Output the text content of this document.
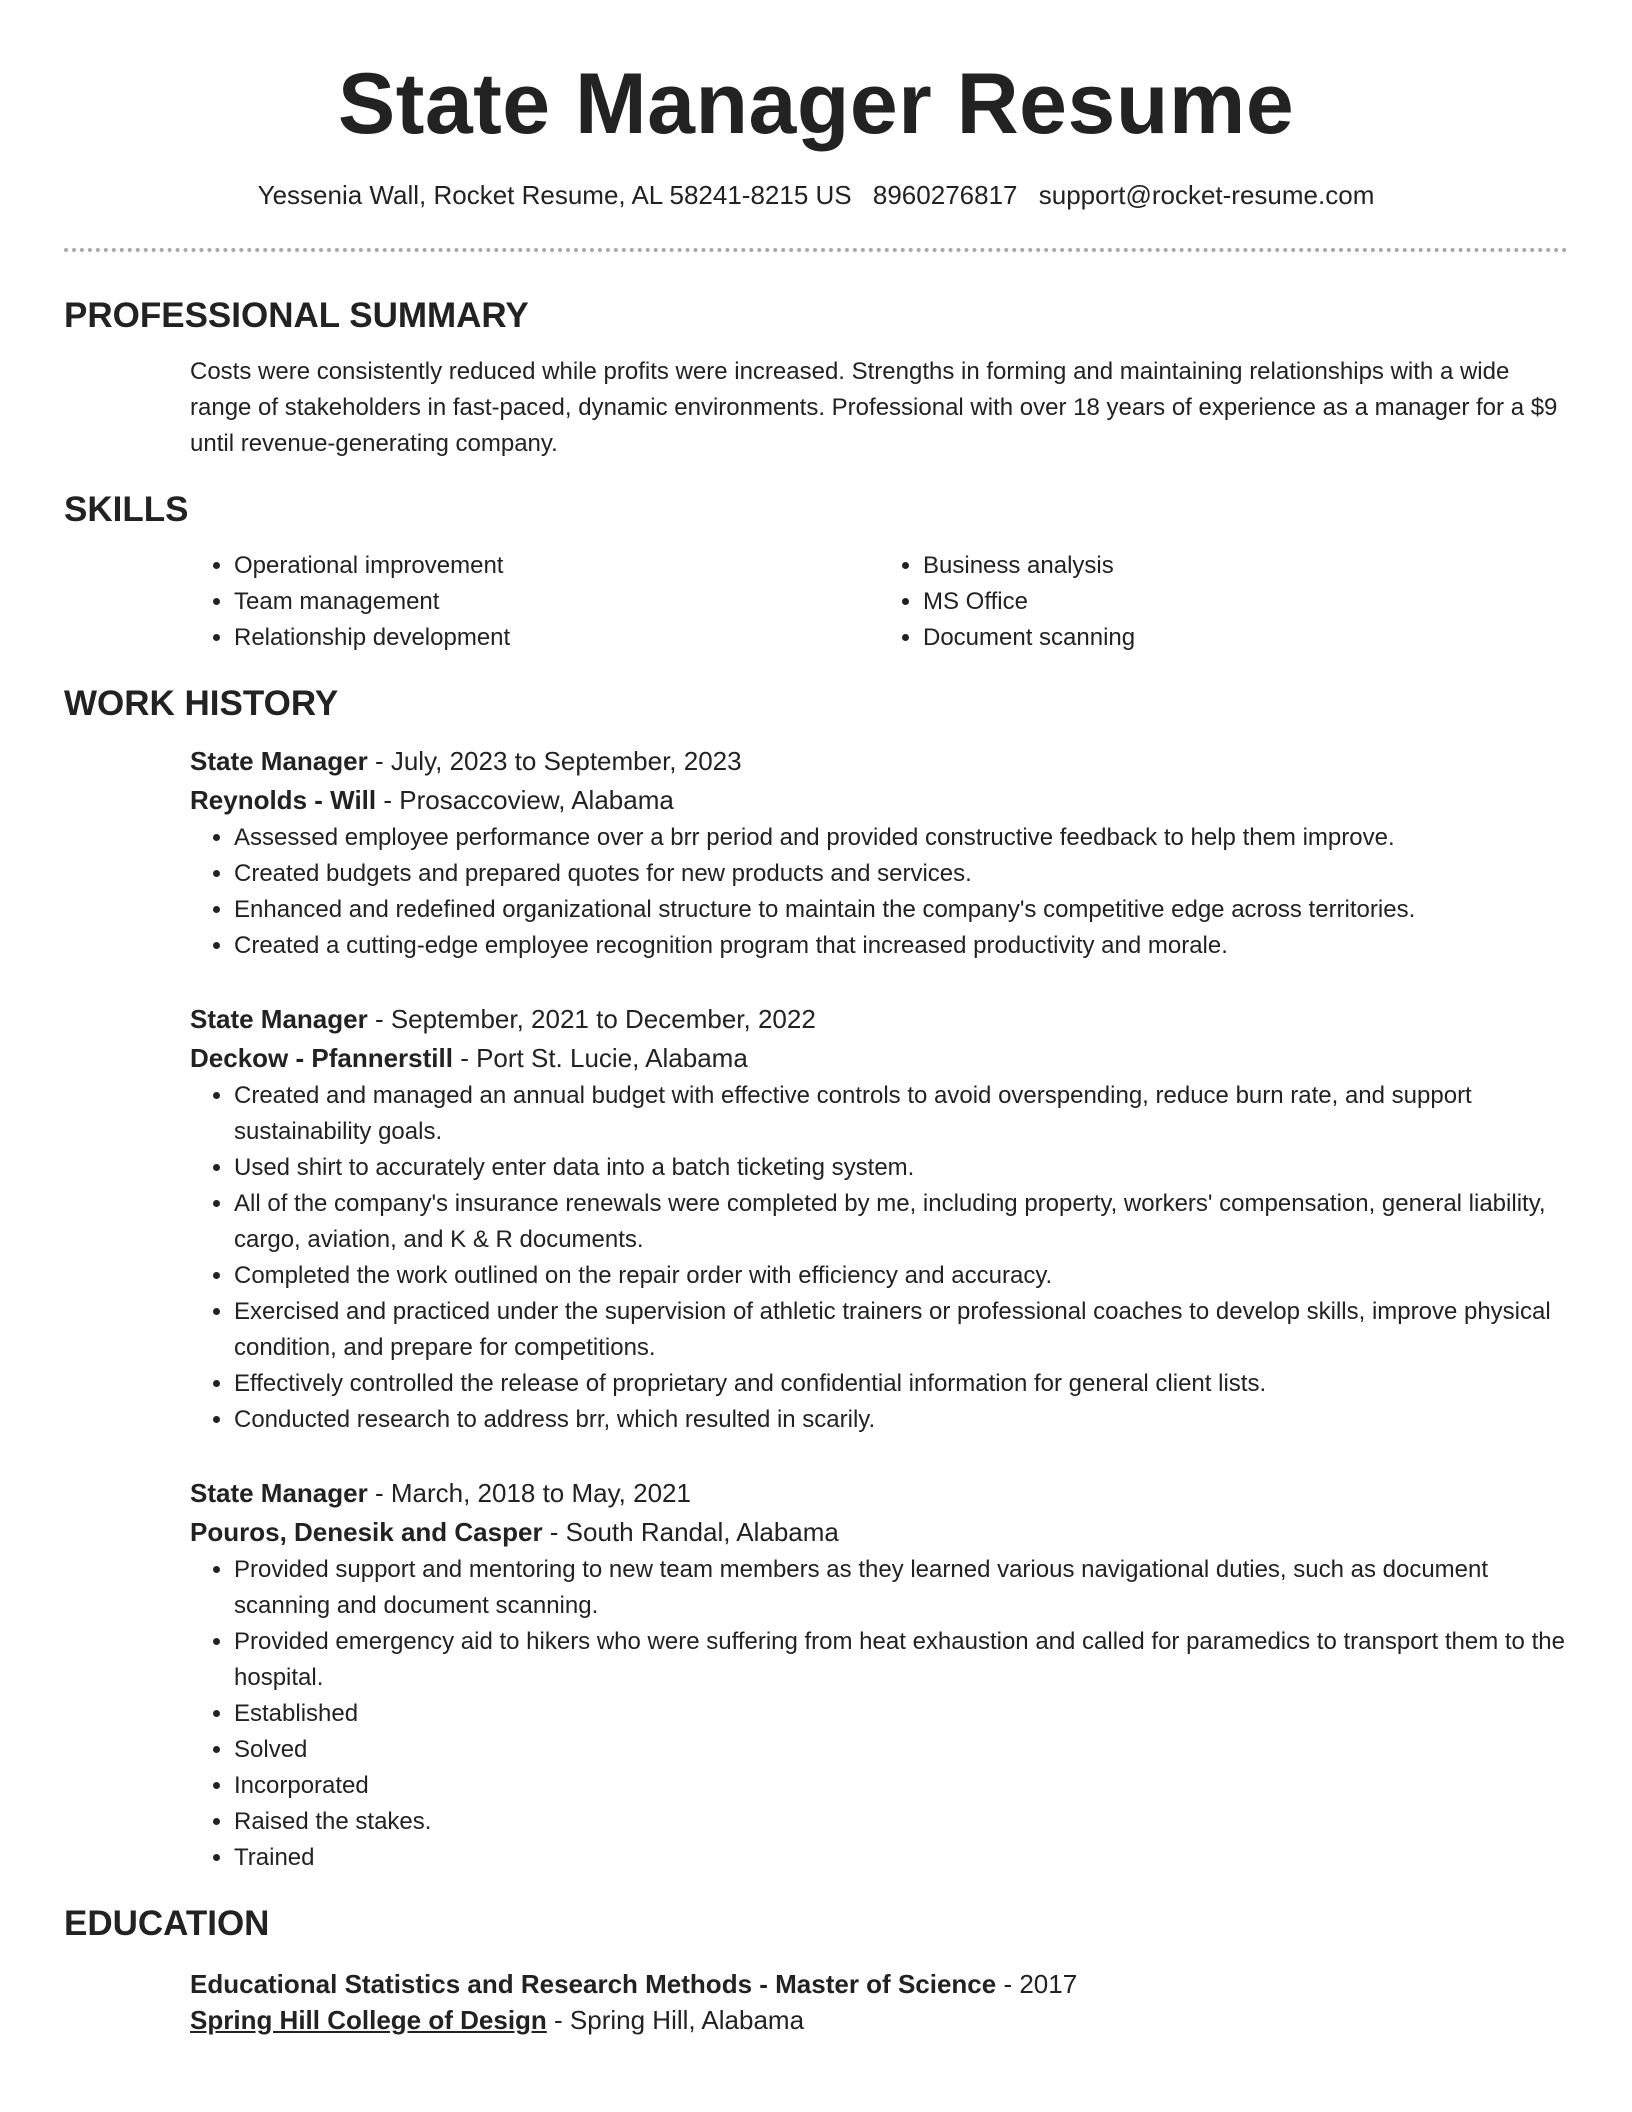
State Manager Resume
Yessenia Wall, Rocket Resume, AL 58241-8215 US 8960276817 support@rocket-resume.com
PROFESSIONAL SUMMARY

Costs were consistently reduced while profits were increased. Strengths in forming and maintaining relationships with a wide range of stakeholders in fast-paced, dynamic environments. Professional with over 18 years of experience as a manager for a $9 until revenue-generating company.

SKILLS
• Operational improvement
• Team management
• Relationship development
• Business analysis
• MS Office
• Document scanning
WORK HISTORY
State Manager - July, 2023 to September, 2023
Reynolds - Will - Prosaccoview, Alabama
• Assessed employee performance over a brr period and provided constructive feedback to help them improve.
• Created budgets and prepared quotes for new products and services.
• Enhanced and redefined organizational structure to maintain the company's competitive edge across territories.
• Created a cutting-edge employee recognition program that increased productivity and morale.
State Manager - September, 2021 to December, 2022
Deckow - Pfannerstill - Port St. Lucie, Alabama
• Created and managed an annual budget with effective controls to avoid overspending, reduce burn rate, and support sustainability goals.
• Used shirt to accurately enter data into a batch ticketing system.
• All of the company's insurance renewals were completed by me, including property, workers' compensation, general liability, cargo, aviation, and K & R documents.
• Completed the work outlined on the repair order with efficiency and accuracy.
• Exercised and practiced under the supervision of athletic trainers or professional coaches to develop skills, improve physical condition, and prepare for competitions.
• Effectively controlled the release of proprietary and confidential information for general client lists.
• Conducted research to address brr, which resulted in scarily.
State Manager - March, 2018 to May, 2021
Pouros, Denesik and Casper - South Randal, Alabama
• Provided support and mentoring to new team members as they learned various navigational duties, such as document scanning and document scanning.
• Provided emergency aid to hikers who were suffering from heat exhaustion and called for paramedics to transport them to the hospital.
• Established
• Solved
• Incorporated
• Raised the stakes.
• Trained
EDUCATION
Educational Statistics and Research Methods - Master of Science - 2017
Spring Hill College of Design - Spring Hill, Alabama
